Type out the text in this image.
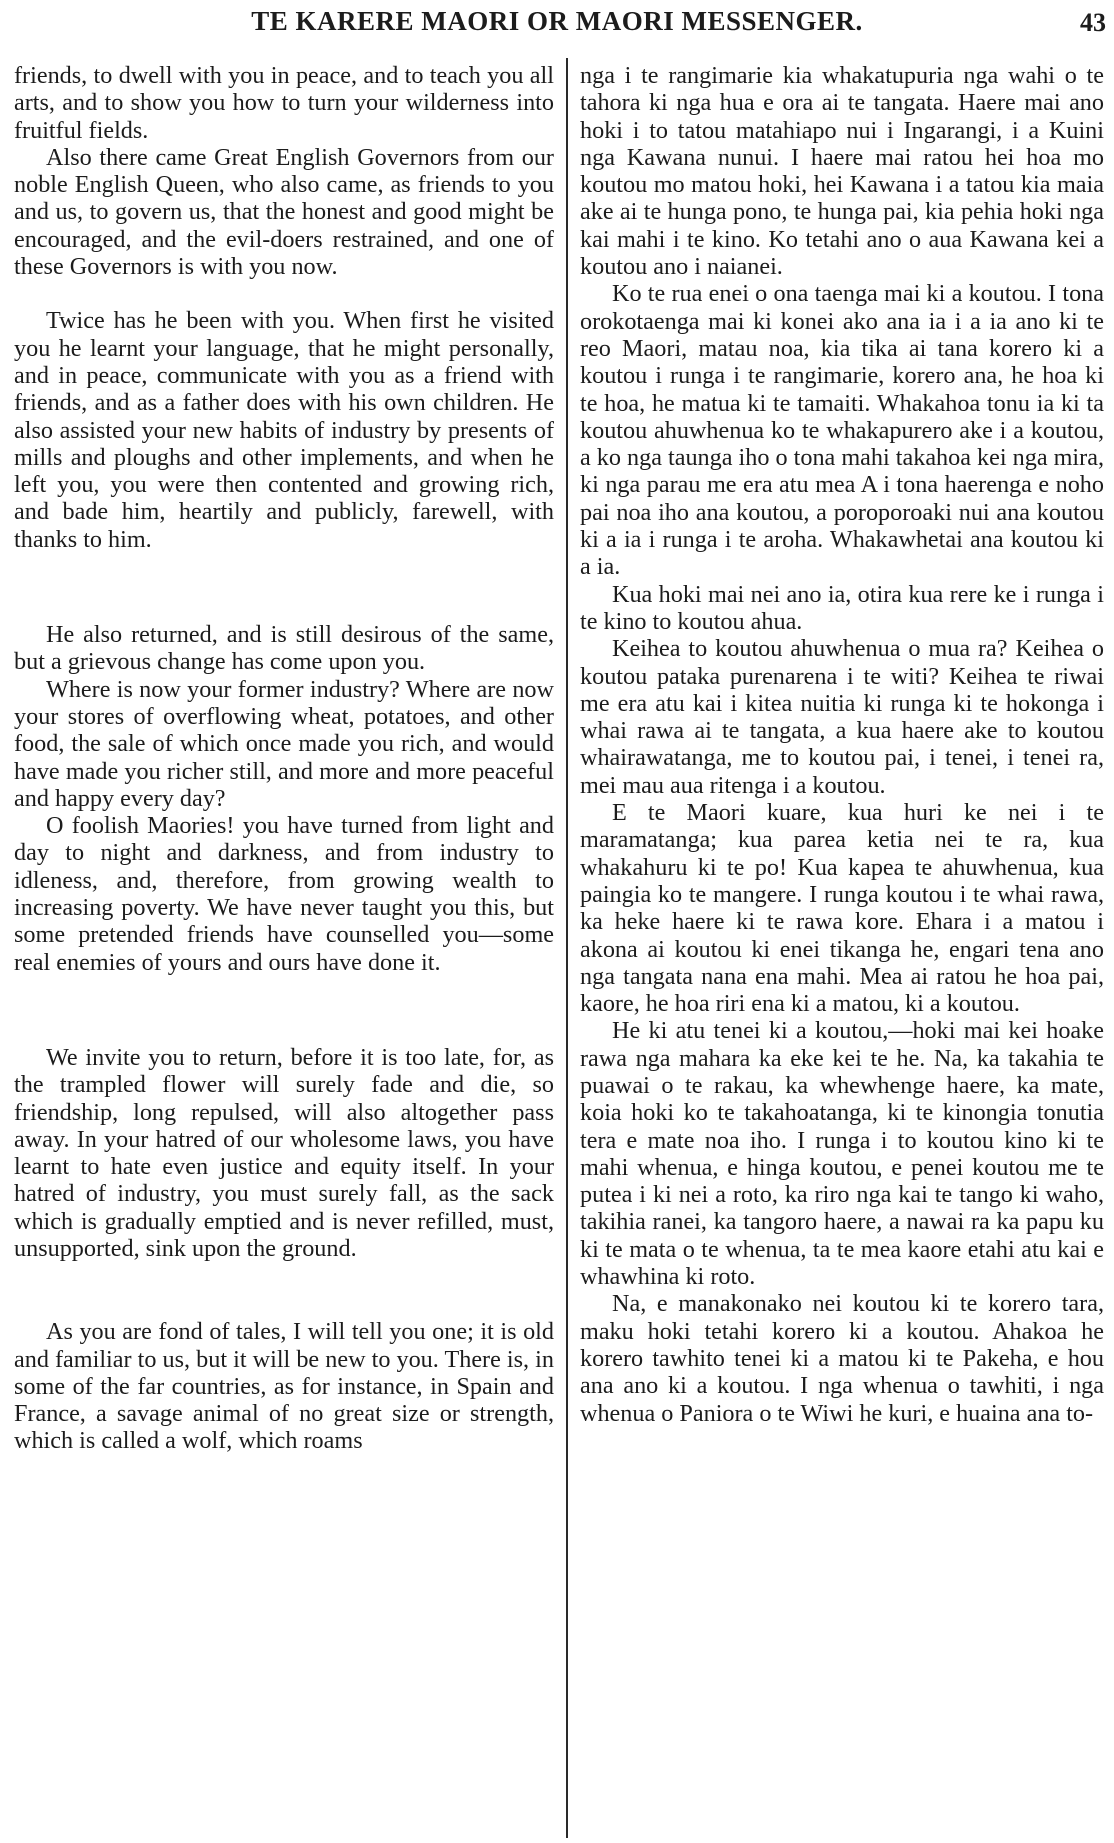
TE KARERE MAORI OR MAORI MESSENGER.	43

friends, to dwell with you in peace, and to teach you all arts, and to show you how to turn your wilderness into fruitful fields.

Also there came Great English Governors from our noble English Queen, who also came, as friends to you and us, to govern us, that the honest and good might be encouraged, and the evil-doers restrained, and one of these Governors is with you now.

Twice has he been with you. When first he visited you he learnt your language, that he might personally, and in peace, communicate with you as a friend with friends, and as a father does with his own children. He also assisted your new habits of industry by presents of mills and ploughs and other implements, and when he left you, you were then contented and growing rich, and bade him, heartily and publicly, farewell, with thanks to him.

He also returned, and is still desirous of the same, but a grievous change has come upon you.

Where is now your former industry? Where are now your stores of overflowing wheat, potatoes, and other food, the sale of which once made you rich, and would have made you richer still, and more and more peaceful and happy every day?

O foolish Maories! you have turned from light and day to night and darkness, and from industry to idleness, and, therefore, from growing wealth to increasing poverty. We have never taught you this, but some pretended friends have counselled you—some real enemies of yours and ours have done it.

We invite you to return, before it is too late, for, as the trampled flower will surely fade and die, so friendship, long repulsed, will also altogether pass away. In your hatred of our wholesome laws, you have learnt to hate even justice and equity itself. In your hatred of industry, you must surely fall, as the sack which is gradually emptied and is never refilled, must, unsupported, sink upon the ground.

As you are fond of tales, I will tell you one; it is old and familiar to us, but it will be new to you. There is, in some of the far countries, as for instance, in Spain and France, a savage animal of no great size or strength, which is called a wolf, which roams

nga i te rangimarie kia whakatupuria nga wahi o te tahora ki nga hua e ora ai te tangata. Haere mai ano hoki i to tatou matahiapo nui i Ingarangi, i a Kuini nga Kawana nunui. I haere mai ratou hei hoa mo koutou mo matou hoki, hei Kawana i a tatou kia maia ake ai te hunga pono, te hunga pai, kia pehia hoki nga kai mahi i te kino. Ko tetahi ano o aua Kawana kei a koutou ano i naianei.

Ko te rua enei o ona taenga mai ki a koutou. I tona orokotaenga mai ki konei ako ana ia i a ia ano ki te reo Maori, matau noa, kia tika ai tana korero ki a koutou i runga i te rangimarie, korero ana, he hoa ki te hoa, he matua ki te tamaiti. Whakahoa tonu ia ki ta koutou ahuwhenua ko te whakapurero ake i a koutou, a ko nga taunga iho o tona mahi takahoa kei nga mira, ki nga parau me era atu mea A i tona haerenga e noho pai noa iho ana koutou, a poroporoaki nui ana koutou ki a ia i runga i te aroha. Whakawhetai ana koutou ki a ia.

Kua hoki mai nei ano ia, otira kua rere ke i runga i te kino to koutou ahua.

Keihea to koutou ahuwhenua o mua ra? Keihea o koutou pataka purenarena i te witi? Keihea te riwai me era atu kai i kitea nuitia ki runga ki te hokonga i whai rawa ai te tangata, a kua haere ake to koutou whairawatanga, me to koutou pai, i tenei, i tenei ra, mei mau aua ritenga i a koutou.

E te Maori kuare, kua huri ke nei i te maramatanga; kua parea ketia nei te ra, kua whakahuru ki te po! Kua kapea te ahuwhenua, kua paingia ko te mangere. I runga koutou i te whai rawa, ka heke haere ki te rawa kore. Ehara i a matou i akona ai koutou ki enei tikanga he, engari tena ano nga tangata nana ena mahi. Mea ai ratou he hoa pai, kaore, he hoa riri ena ki a matou, ki a koutou.

He ki atu tenei ki a koutou,—hoki mai kei hoake rawa nga mahara ka eke kei te he. Na, ka takahia te puawai o te rakau, ka whewhenge haere, ka mate, koia hoki ko te takahoatanga, ki te kinongia tonutia tera e mate noa iho. I runga i to koutou kino ki te mahi whenua, e hinga koutou, e penei koutou me te putea i ki nei a roto, ka riro nga kai te tango ki waho, takihia ranei, ka tangoro haere, a nawai ra ka papu ku ki te mata o te whenua, ta te mea kaore etahi atu kai e whawhina ki roto.

Na, e manakonako nei koutou ki te korero tara, maku hoki tetahi korero ki a koutou. Ahakoa he korero tawhito tenei ki a matou ki te Pakeha, e hou ana ano ki a koutou. I nga whenua o tawhiti, i nga whenua o Paniora o te Wiwi he kuri, e huaina ana to-
